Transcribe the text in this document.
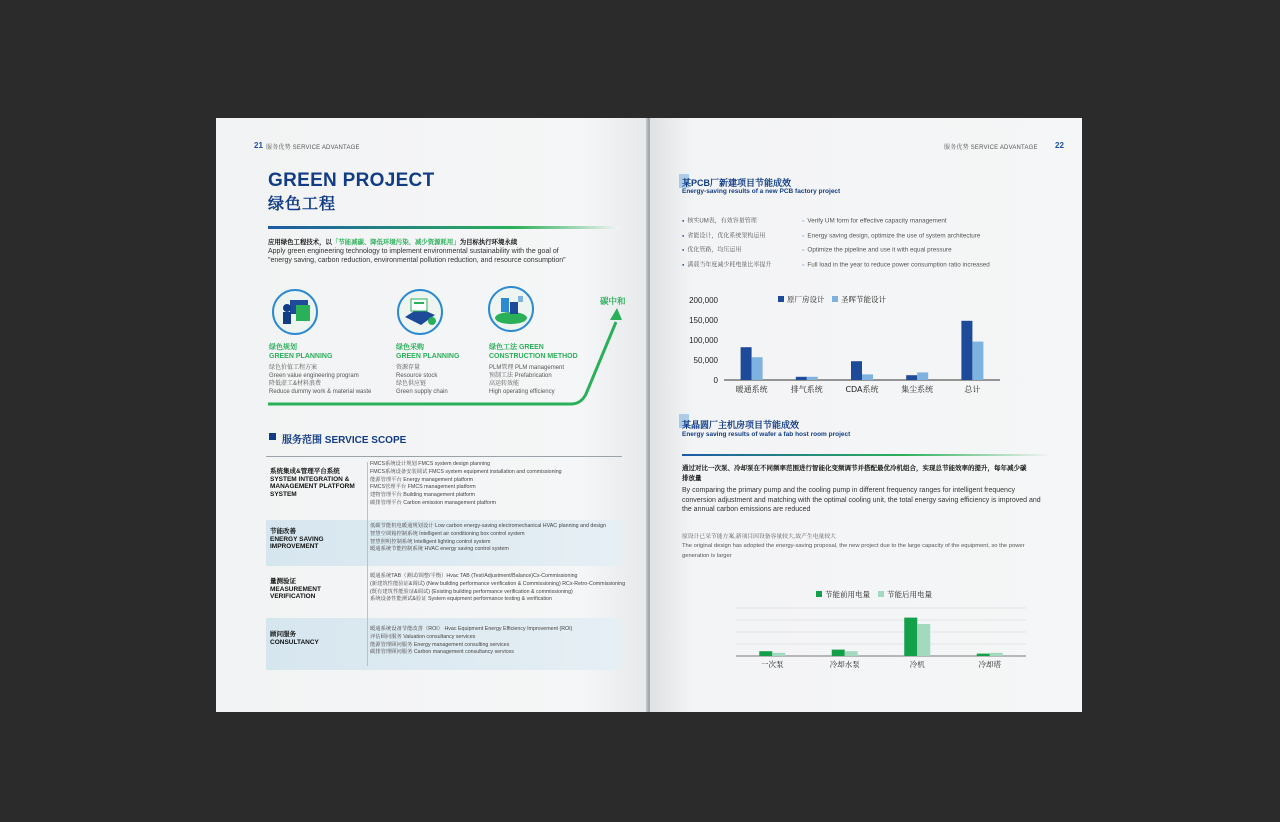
21 服务优势 SERVICE ADVANTAGE
GREEN PROJECT
绿色工程
应用绿色工程技术，以「节能减碳、降低环境污染、减少资源耗用」为目标执行环境永续
Apply green engineering technology to implement environmental sustainability with the goal of
"energy saving, carbon reduction, environmental pollution reduction, and resource consumption"
碳中和
绿色规划
GREEN PLANNING
绿色价值工程方案
Green value engineering program
降低虚工&材料浪费
Reduce dummy work & material waste
绿色采购
GREEN PLANNING
资源存量
Resource stock
绿色供应链
Green supply chain
绿色工法 GREEN
CONSTRUCTION METHOD
PLM管理 PLM management
预制工法 Prefabrication
高运转效能
High operating efficiency
服务范围 SERVICE SCOPE
系统集成&管理平台系统
SYSTEM INTEGRATION & MANAGEMENT PLATFORM SYSTEM
FMCS系统设计规划 FMCS system design planning
FMCS系统设备安装调试 FMCS system equipment installation and commissioning
能源管理平台 Energy management platform
FMCS管理平台 FMCS management platform
建物管理平台 Building management platform
碳排管理平台 Carbon emission management platform
节能改善
ENERGY SAVING IMPROVEMENT
低碳节能机电暖通规划设计 Low carbon energy-saving electromechanical HVAC planning and design
智慧空调箱控制系统 Intelligent air conditioning box control system
智慧照明控制系统 Intelligent lighting control system
暖通系统节能控制系统 HVAC energy saving control system
量测验证
MEASUREMENT VERIFICATION
暖通系统TAB（测试/调整/平衡）Hvac TAB (Test/Adjustment/Balance)Cx-Commissioning
(新建筑性能验证&调试) (New building performance verification & Commissioning) RCx-Retro-Commissioning
(既有建筑性能验证&调试) (Existing building performance verification & commissioning)
系统设备性能测试&验证 System equipment performance testing & verification
顾问服务
CONSULTANCY
暖通系统设备节能改善（ROI） Hvac Equipment Energy Efficiency Improvement (ROI)
评估顾问服务 Valuation consultancy services
能源管理顾问服务 Energy management consulting services
碳排管理顾问服务 Carbon management consultancy services
服务优势 SERVICE ADVANTAGE 22
某PCB厂新建项目节能成效
Energy-saving results of a new PCB factory project
● 核实UM表，有效容量管理
● 省能设计，优化系统架构运用
● 优化管路，均压运用
● 满载当年度减少耗电量比率提升
○ Verify UM form for effective capacity management
○ Energy saving design, optimize the use of system architecture
○ Optimize the pipeline and use it with equal pressure
○ Full load in the year to reduce power consumption ratio increased
200,000
150,000
100,000
50,000
0
暖通系统	排气系统	CDA系统	集尘系统	总计
原厂房设计 圣晖节能设计
某晶圆厂主机房项目节能成效
Energy saving results of wafer a fab host room project
通过对比一次泵、冷却泵在不同频率范围进行智能化变频调节并搭配最优冷机组合，实现总节能效率的提升，每年减少碳排放量
By comparing the primary pump and the cooling pump in different frequency ranges for intelligent frequency conversion adjustment and matching with the optimal cooling unit, the total energy saving efficiency is improved and the annual carbon emissions are reduced
原设计已采节能方案,新项目因设备容量较大,故产生电量较大
The original design has adopted the energy-saving proposal, the new project due to the large capacity of the equipment, so the power generation is larger
一次泵	冷却水泵	冷机	冷却塔
节能前用电量 节能后用电量
